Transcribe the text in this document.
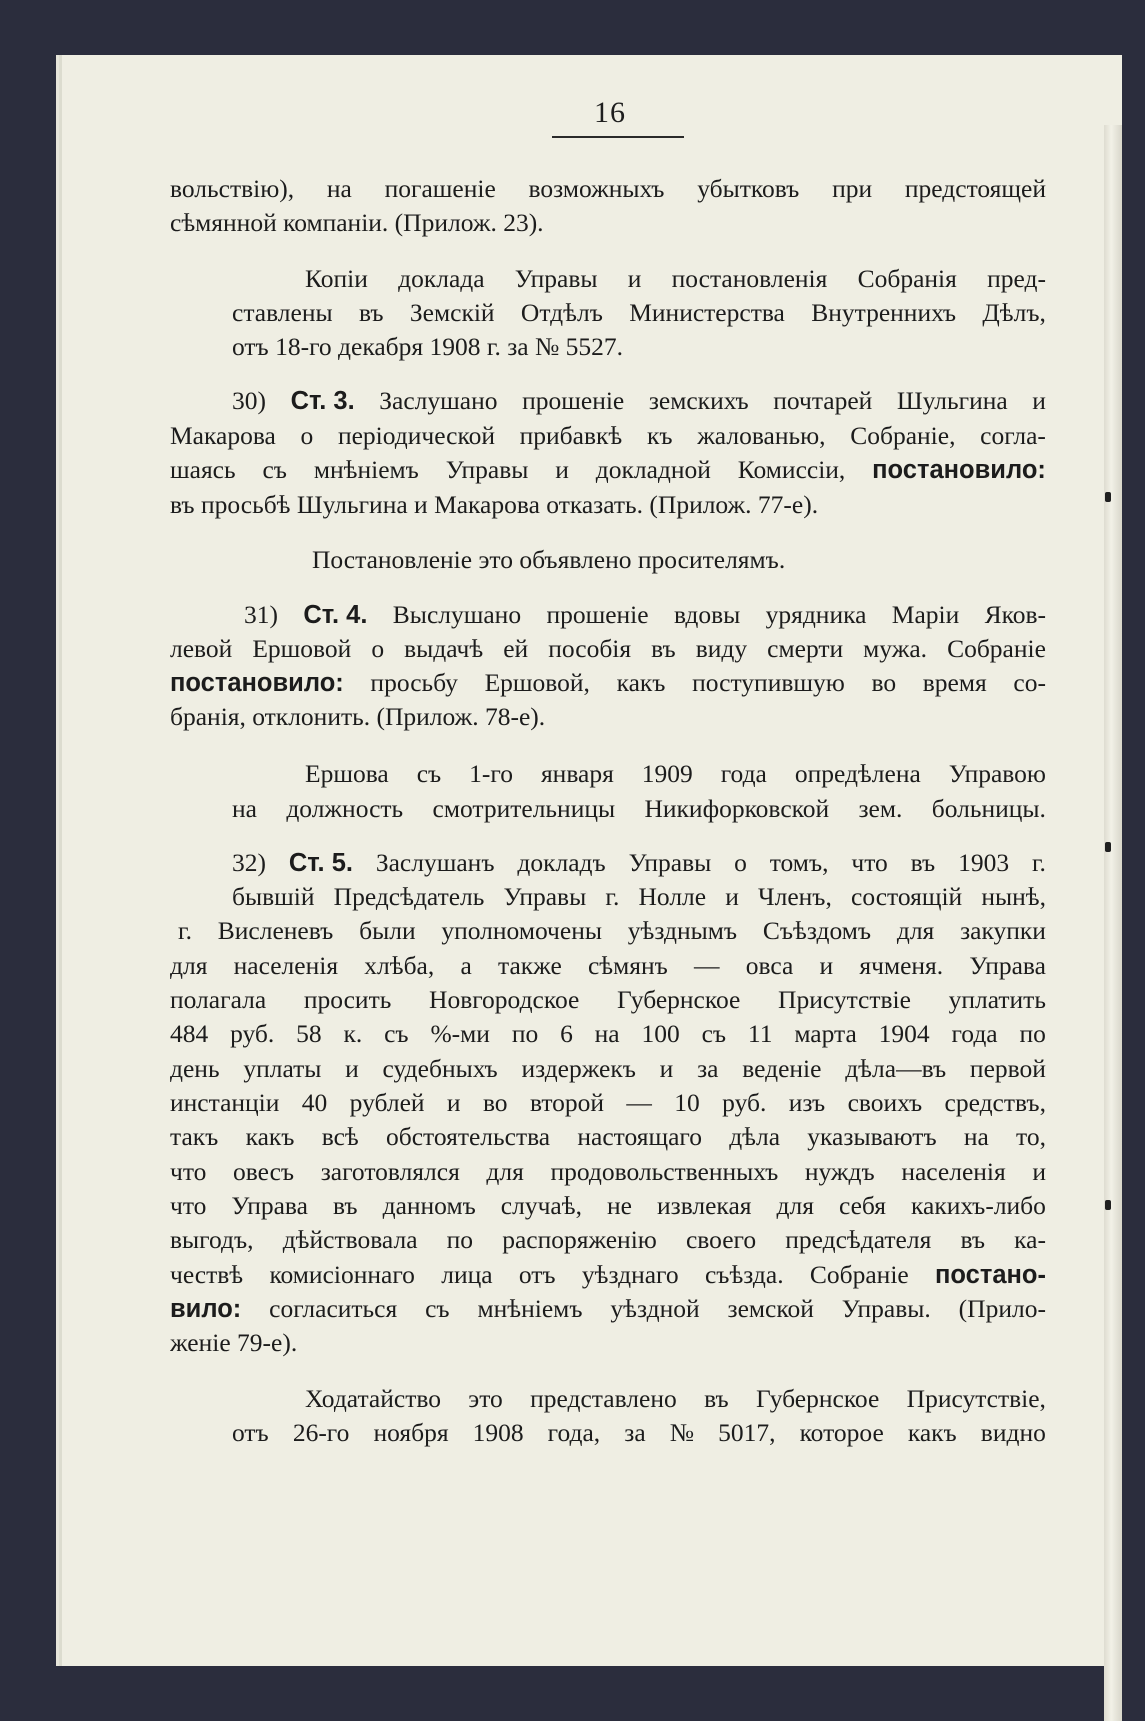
16
вольствію), на погашеніе возможныхъ убытковъ при предстоящей
сѣмянной компаніи. (Прилож. 23).
Копіи доклада Управы и постановленія Собранія пред-
ставлены въ Земскій Отдѣлъ Министерства Внутреннихъ Дѣлъ,
отъ 18-го декабря 1908 г. за № 5527.
30) Ст. 3. Заслушано прошеніе земскихъ почтарей Шульгина и
Макарова о періодической прибавкѣ къ жалованью, Собраніе, согла-
шаясь съ мнѣніемъ Управы и докладной Комиссіи, постановило:
въ просьбѣ Шульгина и Макарова отказать. (Прилож. 77-е).
Постановленіе это объявлено просителямъ.
31) Ст. 4. Выслушано прошеніе вдовы урядника Маріи Яков-
левой Ершовой о выдачѣ ей пособія въ виду смерти мужа. Собраніе
постановило: просьбу Ершовой, какъ поступившую во время со-
бранія, отклонить. (Прилож. 78-е).
Ершова съ 1-го января 1909 года опредѣлена Управою
на должность смотрительницы Никифорковской зем. больницы.
32) Ст. 5. Заслушанъ докладъ Управы о томъ, что въ 1903 г.
бывшій Предсѣдатель Управы г. Нолле и Членъ, состоящій нынѣ,
г. Висленевъ были уполномочены уѣзднымъ Съѣздомъ для закупки
для населенія хлѣба, а также сѣмянъ — овса и ячменя. Управа
полагала просить Новгородское Губернское Присутствіе уплатить
484 руб. 58 к. съ %-ми по 6 на 100 съ 11 марта 1904 года по
день уплаты и судебныхъ издержекъ и за веденіе дѣла—въ первой
инстанціи 40 рублей и во второй — 10 руб. изъ своихъ средствъ,
такъ какъ всѣ обстоятельства настоящаго дѣла указываютъ на то,
что овесъ заготовлялся для продовольственныхъ нуждъ населенія и
что Управа въ данномъ случаѣ, не извлекая для себя какихъ-либо
выгодъ, дѣйствовала по распоряженію своего предсѣдателя въ ка-
чествѣ комисіоннаго лица отъ уѣзднаго съѣзда. Собраніе постано-
вило: согласиться съ мнѣніемъ уѣздной земской Управы. (Прило-
женіе 79-е).
Ходатайство это представлено въ Губернское Присутствіе,
отъ 26-го ноября 1908 года, за № 5017, которое какъ видно
